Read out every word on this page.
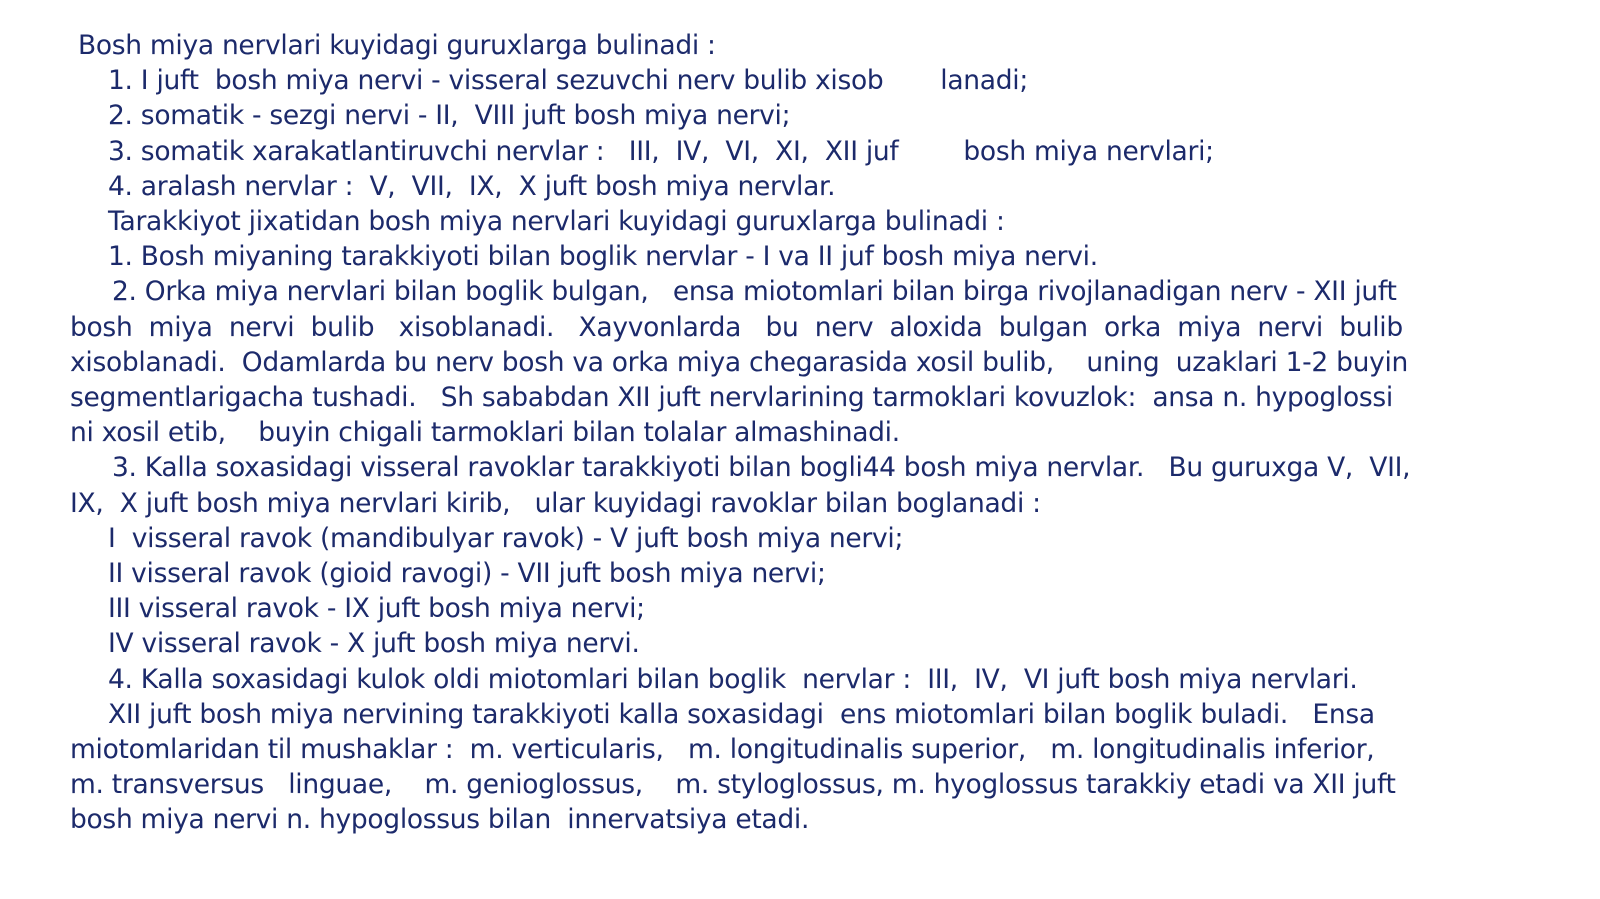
Bosh miya nervlari kuyidagi guruxlarga bulinadi :
1. I juft  bosh miya nervi - visseral sezuvchi nerv bulib xisob       lanadi;
2. somatik - sezgi nervi - II,  VIII juft bosh miya nervi;
3. somatik xarakatlantiruvchi nervlar :   III,  IV,  VI,  XI,  XII juf        bosh miya nervlari;
4. aralash nervlar :  V,  VII,  IX,  X juft bosh miya nervlar.
Tarakkiyot jixatidan bosh miya nervlari kuyidagi guruxlarga bulinadi :
1. Bosh miyaning tarakkiyoti bilan boglik nervlar - I va II juf bosh miya nervi.
2. Orka miya nervlari bilan boglik bulgan,   ensa miotomlari bilan birga rivojlanadigan nerv - XII juft
bosh  miya  nervi  bulib   xisoblanadi.   Xayvonlarda   bu  nerv  aloxida  bulgan  orka  miya  nervi  bulib
xisoblanadi.  Odamlarda bu nerv bosh va orka miya chegarasida xosil bulib,    uning  uzaklari 1-2 buyin
segmentlarigacha tushadi.   Sh sababdan XII juft nervlarining tarmoklari kovuzlok:  ansa n. hypoglossi
ni xosil etib,    buyin chigali tarmoklari bilan tolalar almashinadi.
3. Kalla soxasidagi visseral ravoklar tarakkiyoti bilan bogli44 bosh miya nervlar.   Bu guruxga V,  VII,
IX,  X juft bosh miya nervlari kirib,   ular kuyidagi ravoklar bilan boglanadi :
I  visseral ravok (mandibulyar ravok) - V juft bosh miya nervi;
II visseral ravok (gioid ravogi) - VII juft bosh miya nervi;
III visseral ravok - IX juft bosh miya nervi;
IV visseral ravok - X juft bosh miya nervi.
4. Kalla soxasidagi kulok oldi miotomlari bilan boglik  nervlar :  III,  IV,  VI juft bosh miya nervlari.
XII juft bosh miya nervining tarakkiyoti kalla soxasidagi  ens miotomlari bilan boglik buladi.   Ensa
miotomlaridan til mushaklar :  m. verticularis,   m. longitudinalis superior,   m. longitudinalis inferior,
m. transversus   linguae,    m. genioglossus,    m. styloglossus, m. hyoglossus tarakkiy etadi va XII juft
bosh miya nervi n. hypoglossus bilan  innervatsiya etadi.
